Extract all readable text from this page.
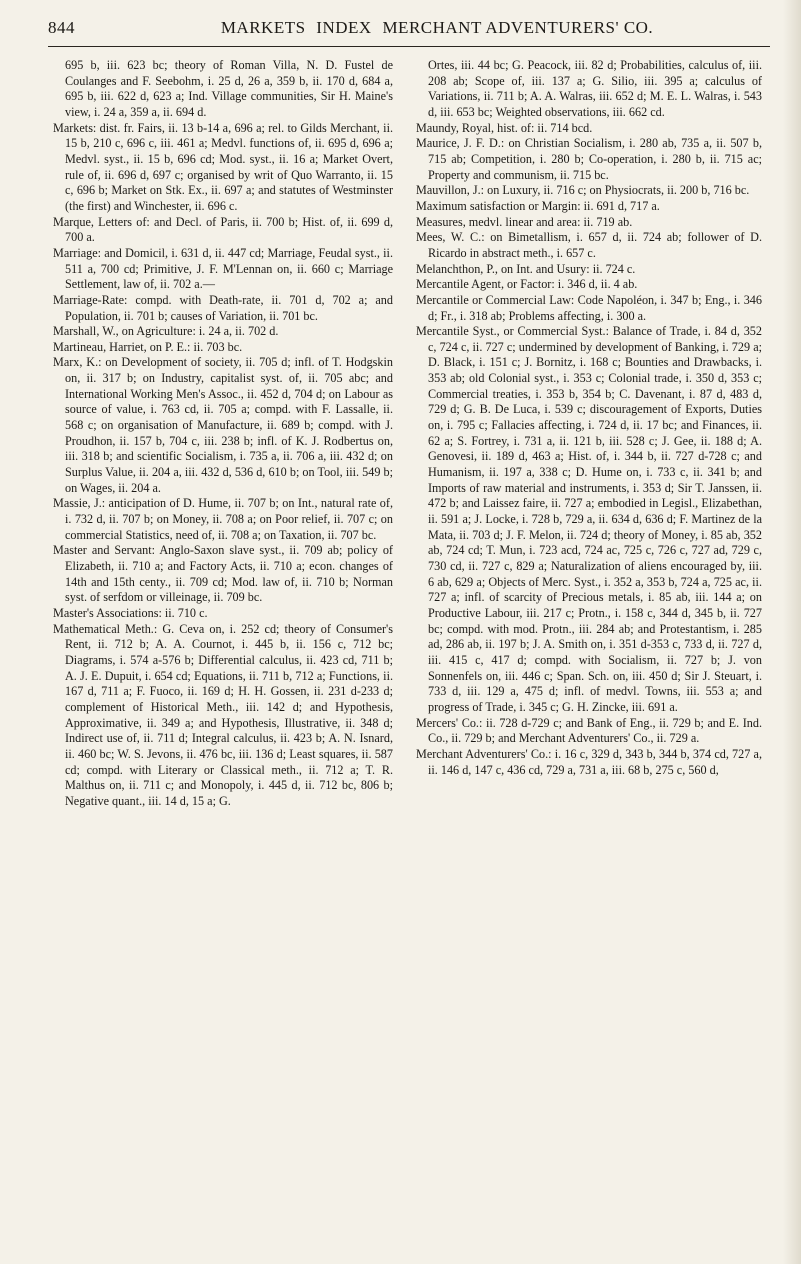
844	MARKETS INDEX MERCHANT ADVENTURERS' CO.

695 b, iii. 623 bc; theory of Roman Villa, N. D. Fustel de Coulanges and F. Seebohm, i. 25 d, 26 a, 359 b, ii. 170 d, 684 a, 695 b, iii. 622 d, 623 a; Ind. Village communities, Sir H. Maine's view, i. 24 a, 359 a, ii. 694 d.

Markets: dist. fr. Fairs, ii. 13 b-14 a, 696 a; rel. to Gilds Merchant, ii. 15 b, 210 c, 696 c, iii. 461 a; Medvl. functions of, ii. 695 d, 696 a; Medvl. syst., ii. 15 b, 696 cd; Mod. syst., ii. 16 a; Market Overt, rule of, ii. 696 d, 697 c; organised by writ of Quo Warranto, ii. 15 c, 696 b; Market on Stk. Ex., ii. 697 a; and statutes of Westminster (the first) and Winchester, ii. 696 c.

Marque, Letters of: and Decl. of Paris, ii. 700 b; Hist. of, ii. 699 d, 700 a.

Marriage: and Domicil, i. 631 d, ii. 447 cd; Marriage, Feudal syst., ii. 511 a, 700 cd; Primitive, J. F. M'Lennan on, ii. 660 c; Marriage Settlement, law of, ii. 702 a.—

Marriage-Rate: compd. with Death-rate, ii. 701 d, 702 a; and Population, ii. 701 b; causes of Variation, ii. 701 bc.

Marshall, W., on Agriculture: i. 24 a, ii. 702 d.

Martineau, Harriet, on P. E.: ii. 703 bc.

Marx, K.: on Development of society, ii. 705 d; infl. of T. Hodgskin on, ii. 317 b; on Industry, capitalist syst. of, ii. 705 abc; and International Working Men's Assoc., ii. 452 d, 704 d; on Labour as source of value, i. 763 cd, ii. 705 a; compd. with F. Lassalle, ii. 568 c; on organisation of Manufacture, ii. 689 b; compd. with J. Proudhon, ii. 157 b, 704 c, iii. 238 b; infl. of K. J. Rodbertus on, iii. 318 b; and scientific Socialism, i. 735 a, ii. 706 a, iii. 432 d; on Surplus Value, ii. 204 a, iii. 432 d, 536 d, 610 b; on Tool, iii. 549 b; on Wages, ii. 204 a.

Massie, J.: anticipation of D. Hume, ii. 707 b; on Int., natural rate of, i. 732 d, ii. 707 b; on Money, ii. 708 a; on Poor relief, ii. 707 c; on commercial Statistics, need of, ii. 708 a; on Taxation, ii. 707 bc.

Master and Servant: Anglo-Saxon slave syst., ii. 709 ab; policy of Elizabeth, ii. 710 a; and Factory Acts, ii. 710 a; econ. changes of 14th and 15th centy., ii. 709 cd; Mod. law of, ii. 710 b; Norman syst. of serfdom or villeinage, ii. 709 bc.

Master's Associations: ii. 710 c.

Mathematical Meth.: G. Ceva on, i. 252 cd; theory of Consumer's Rent, ii. 712 b; A. A. Cournot, i. 445 b, ii. 156 c, 712 bc; Diagrams, i. 574 a-576 b; Differential calculus, ii. 423 cd, 711 b; A. J. E. Dupuit, i. 654 cd; Equations, ii. 711 b, 712 a; Functions, ii. 167 d, 711 a; F. Fuoco, ii. 169 d; H. H. Gossen, ii. 231 d-233 d; complement of Historical Meth., iii. 142 d; and Hypothesis, Approximative, ii. 349 a; and Hypothesis, Illustrative, ii. 348 d; Indirect use of, ii. 711 d; Integral calculus, ii. 423 b; A. N. Isnard, ii. 460 bc; W. S. Jevons, ii. 476 bc, iii. 136 d; Least squares, ii. 587 cd; compd. with Literary or Classical meth., ii. 712 a; T. R. Malthus on, ii. 711 c; and Monopoly, i. 445 d, ii. 712 bc, 806 b; Negative quant., iii. 14 d, 15 a; G.

Ortes, iii. 44 bc; G. Peacock, iii. 82 d; Probabilities, calculus of, iii. 208 ab; Scope of, iii. 137 a; G. Silio, iii. 395 a; calculus of Variations, ii. 711 b; A. A. Walras, iii. 652 d; M. E. L. Walras, i. 543 d, iii. 653 bc; Weighted observations, iii. 662 cd.

Maundy, Royal, hist. of: ii. 714 bcd.

Maurice, J. F. D.: on Christian Socialism, i. 280 ab, 735 a, ii. 507 b, 715 ab; Competition, i. 280 b; Co-operation, i. 280 b, ii. 715 ac; Property and communism, ii. 715 bc.

Mauvillon, J.: on Luxury, ii. 716 c; on Physiocrats, ii. 200 b, 716 bc.

Maximum satisfaction or Margin: ii. 691 d, 717 a.

Measures, medvl. linear and area: ii. 719 ab.

Mees, W. C.: on Bimetallism, i. 657 d, ii. 724 ab; follower of D. Ricardo in abstract meth., i. 657 c.

Melanchthon, P., on Int. and Usury: ii. 724 c.

Mercantile Agent, or Factor: i. 346 d, ii. 4 ab.

Mercantile or Commercial Law: Code Napoléon, i. 347 b; Eng., i. 346 d; Fr., i. 318 ab; Problems affecting, i. 300 a.

Mercantile Syst., or Commercial Syst.: Balance of Trade, i. 84 d, 352 c, 724 c, ii. 727 c; undermined by development of Banking, i. 729 a; D. Black, i. 151 c; J. Bornitz, i. 168 c; Bounties and Drawbacks, i. 353 ab; old Colonial syst., i. 353 c; Colonial trade, i. 350 d, 353 c; Commercial treaties, i. 353 b, 354 b; C. Davenant, i. 87 d, 483 d, 729 d; G. B. De Luca, i. 539 c; discouragement of Exports, Duties on, i. 795 c; Fallacies affecting, i. 724 d, ii. 17 bc; and Finances, ii. 62 a; S. Fortrey, i. 731 a, ii. 121 b, iii. 528 c; J. Gee, ii. 188 d; A. Genovesi, ii. 189 d, 463 a; Hist. of, i. 344 b, ii. 727 d-728 c; and Humanism, ii. 197 a, 338 c; D. Hume on, i. 733 c, ii. 341 b; and Imports of raw material and instruments, i. 353 d; Sir T. Janssen, ii. 472 b; and Laissez faire, ii. 727 a; embodied in Legisl., Elizabethan, ii. 591 a; J. Locke, i. 728 b, 729 a, ii. 634 d, 636 d; F. Martinez de la Mata, ii. 703 d; J. F. Melon, ii. 724 d; theory of Money, i. 85 ab, 352 ab, 724 cd; T. Mun, i. 723 acd, 724 ac, 725 c, 726 c, 727 ad, 729 c, 730 cd, ii. 727 c, 829 a; Naturalization of aliens encouraged by, iii. 6 ab, 629 a; Objects of Merc. Syst., i. 352 a, 353 b, 724 a, 725 ac, ii. 727 a; infl. of scarcity of Precious metals, i. 85 ab, iii. 144 a; on Productive Labour, iii. 217 c; Protn., i. 158 c, 344 d, 345 b, ii. 727 bc; compd. with mod. Protn., iii. 284 ab; and Protestantism, i. 285 ad, 286 ab, ii. 197 b; J. A. Smith on, i. 351 d-353 c, 733 d, ii. 727 d, iii. 415 c, 417 d; compd. with Socialism, ii. 727 b; J. von Sonnenfels on, iii. 446 c; Span. Sch. on, iii. 450 d; Sir J. Steuart, i. 733 d, iii. 129 a, 475 d; infl. of medvl. Towns, iii. 553 a; and progress of Trade, i. 345 c; G. H. Zincke, iii. 691 a.

Mercers' Co.: ii. 728 d-729 c; and Bank of Eng., ii. 729 b; and E. Ind. Co., ii. 729 b; and Merchant Adventurers' Co., ii. 729 a.

Merchant Adventurers' Co.: i. 16 c, 329 d, 343 b, 344 b, 374 cd, 727 a, ii. 146 d, 147 c, 436 cd, 729 a, 731 a, iii. 68 b, 275 c, 560 d,
